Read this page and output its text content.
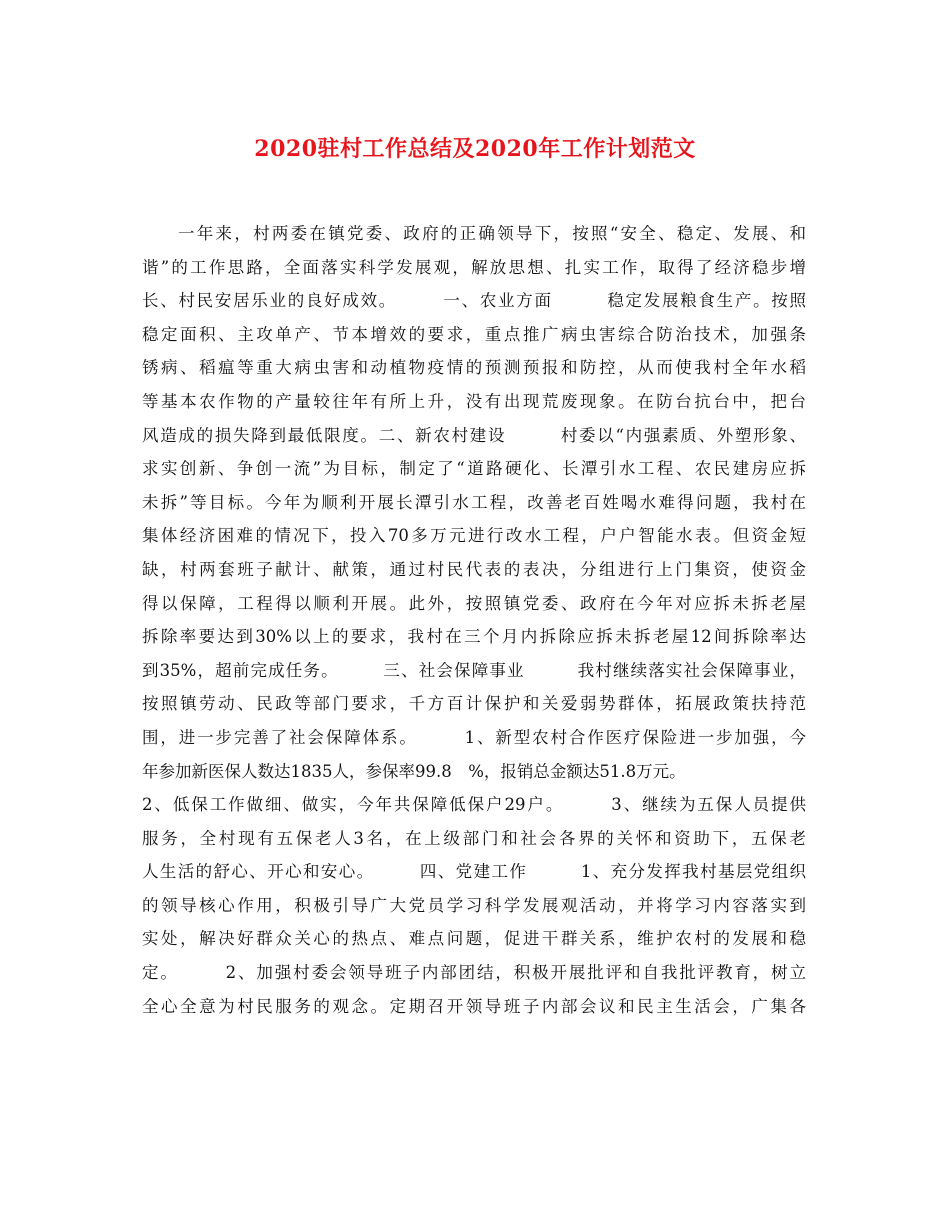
2020驻村工作总结及2020年工作计划范文
一年来，村两委在镇党委、政府的正确领导下，按照“安全、稳定、发展、和
谐”的工作思路，全面落实科学发展观，解放思想、扎实工作，取得了经济稳步增
长、村民安居乐业的良好成效。　　　一、农业方面　　　稳定发展粮食生产。按照
稳定面积、主攻单产、节本增效的要求，重点推广病虫害综合防治技术，加强条
锈病、稻瘟等重大病虫害和动植物疫情的预测预报和防控，从而使我村全年水稻
等基本农作物的产量较往年有所上升，没有出现荒废现象。在防台抗台中，把台
风造成的损失降到最低限度。二、新农村建设　　　村委以“内强素质、外塑形象、
求实创新、争创一流”为目标，制定了“道路硬化、长潭引水工程、农民建房应拆
未拆”等目标。今年为顺利开展长潭引水工程，改善老百姓喝水难得问题，我村在
集体经济困难的情况下，投入70多万元进行改水工程，户户智能水表。但资金短
缺，村两套班子献计、献策，通过村民代表的表决，分组进行上门集资，使资金
得以保障，工程得以顺利开展。此外，按照镇党委、政府在今年对应拆未拆老屋
拆除率要达到30%以上的要求，我村在三个月内拆除应拆未拆老屋12间拆除率达
到35%，超前完成任务。　　　三、社会保障事业　　　我村继续落实社会保障事业，
按照镇劳动、民政等部门要求，千方百计保护和关爱弱势群体，拓展政策扶持范
围，进一步完善了社会保障体系。　　　1、新型农村合作医疗保险进一步加强，今
年参加新医保人数达1835人，参保率99.8　%，报销总金额达51.8万元。
2、低保工作做细、做实，今年共保障低保户29户。　　　3、继续为五保人员提供
服务，全村现有五保老人3名，在上级部门和社会各界的关怀和资助下，五保老
人生活的舒心、开心和安心。　　　四、党建工作　　　1、充分发挥我村基层党组织
的领导核心作用，积极引导广大党员学习科学发展观活动，并将学习内容落实到
实处，解决好群众关心的热点、难点问题，促进干群关系，维护农村的发展和稳
定。　　　2、加强村委会领导班子内部团结，积极开展批评和自我批评教育，树立
全心全意为村民服务的观念。定期召开领导班子内部会议和民主生活会，广集各
